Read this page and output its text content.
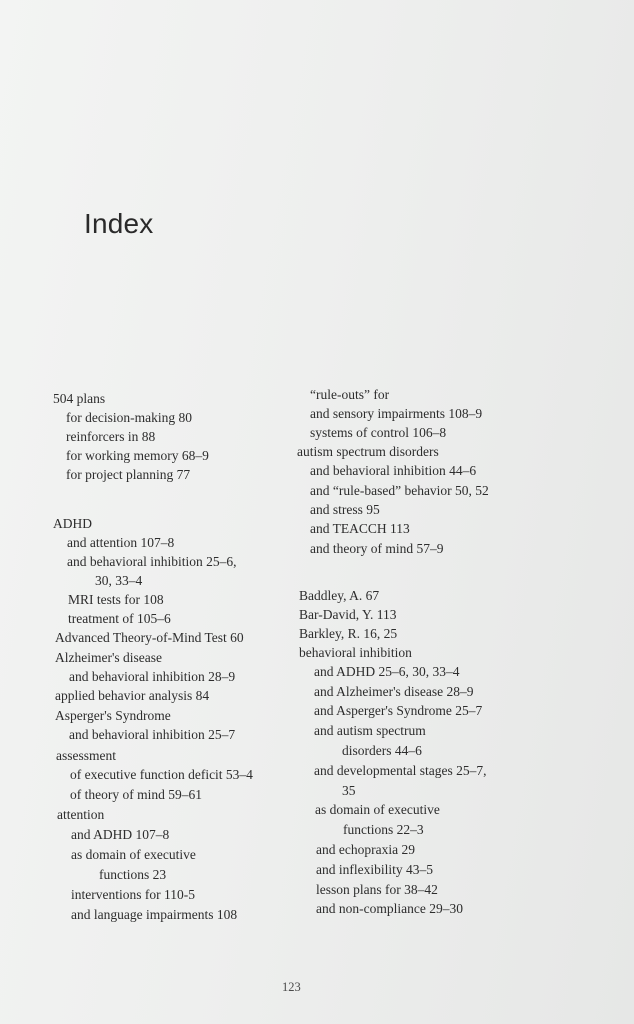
Index
504 plans
for decision-making 80
reinforcers in 88
for working memory 68–9
for project planning 77
ADHD
and attention 107–8
and behavioral inhibition 25–6,
30, 33–4
MRI tests for 108
treatment of 105–6
Advanced Theory-of-Mind Test 60
Alzheimer's disease
and behavioral inhibition 28–9
applied behavior analysis 84
Asperger's Syndrome
and behavioral inhibition 25–7
assessment
of executive function deficit 53–4
of theory of mind 59–61
attention
and ADHD 107–8
as domain of executive
functions 23
interventions for 110-5
and language impairments 108
“rule-outs” for
and sensory impairments 108–9
systems of control 106–8
autism spectrum disorders
and behavioral inhibition 44–6
and “rule-based” behavior 50, 52
and stress 95
and TEACCH 113
and theory of mind 57–9
Baddley, A. 67
Bar-David, Y. 113
Barkley, R. 16, 25
behavioral inhibition
and ADHD 25–6, 30, 33–4
and Alzheimer's disease 28–9
and Asperger's Syndrome 25–7
and autism spectrum
disorders 44–6
and developmental stages 25–7,
35
as domain of executive
functions 22–3
and echopraxia 29
and inflexibility 43–5
lesson plans for 38–42
and non-compliance 29–30
123
